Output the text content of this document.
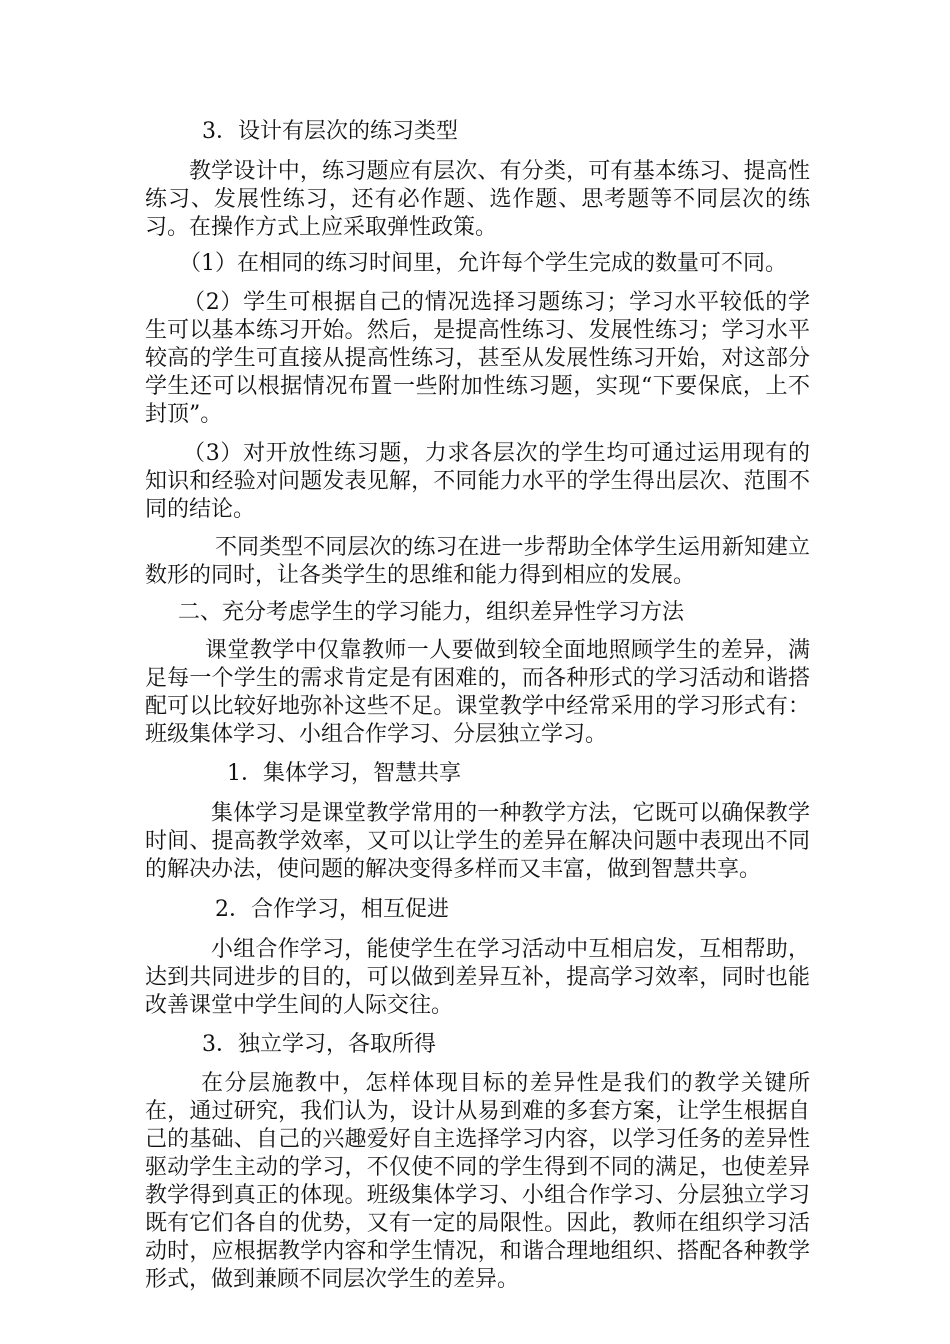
3．设计有层次的练习类型

教学设计中，练习题应有层次、有分类，可有基本练习、提高性练习、发展性练习，还有必作题、选作题、思考题等不同层次的练习。在操作方式上应采取弹性政策。

（1）在相同的练习时间里，允许每个学生完成的数量可不同。

（2）学生可根据自己的情况选择习题练习；学习水平较低的学生可以基本练习开始。然后，是提高性练习、发展性练习；学习水平较高的学生可直接从提高性练习，甚至从发展性练习开始，对这部分学生还可以根据情况布置一些附加性练习题，实现“下要保底，上不封顶”。

（3）对开放性练习题，力求各层次的学生均可通过运用现有的知识和经验对问题发表见解，不同能力水平的学生得出层次、范围不同的结论。

不同类型不同层次的练习在进一步帮助全体学生运用新知建立数形的同时，让各类学生的思维和能力得到相应的发展。

二、充分考虑学生的学习能力，组织差异性学习方法

课堂教学中仅靠教师一人要做到较全面地照顾学生的差异，满足每一个学生的需求肯定是有困难的，而各种形式的学习活动和谐搭配可以比较好地弥补这些不足。课堂教学中经常采用的学习形式有：班级集体学习、小组合作学习、分层独立学习。

1．集体学习，智慧共享

集体学习是课堂教学常用的一种教学方法，它既可以确保教学时间、提高教学效率，又可以让学生的差异在解决问题中表现出不同的解决办法，使问题的解决变得多样而又丰富，做到智慧共享。

2．合作学习，相互促进

小组合作学习，能使学生在学习活动中互相启发，互相帮助，达到共同进步的目的，可以做到差异互补，提高学习效率，同时也能改善课堂中学生间的人际交往。

3．独立学习，各取所得

在分层施教中，怎样体现目标的差异性是我们的教学关键所在，通过研究，我们认为，设计从易到难的多套方案，让学生根据自己的基础、自己的兴趣爱好自主选择学习内容，以学习任务的差异性驱动学生主动的学习，不仅使不同的学生得到不同的满足，也使差异教学得到真正的体现。班级集体学习、小组合作学习、分层独立学习既有它们各自的优势，又有一定的局限性。因此，教师在组织学习活动时，应根据教学内容和学生情况，和谐合理地组织、搭配各种教学形式，做到兼顾不同层次学生的差异。
